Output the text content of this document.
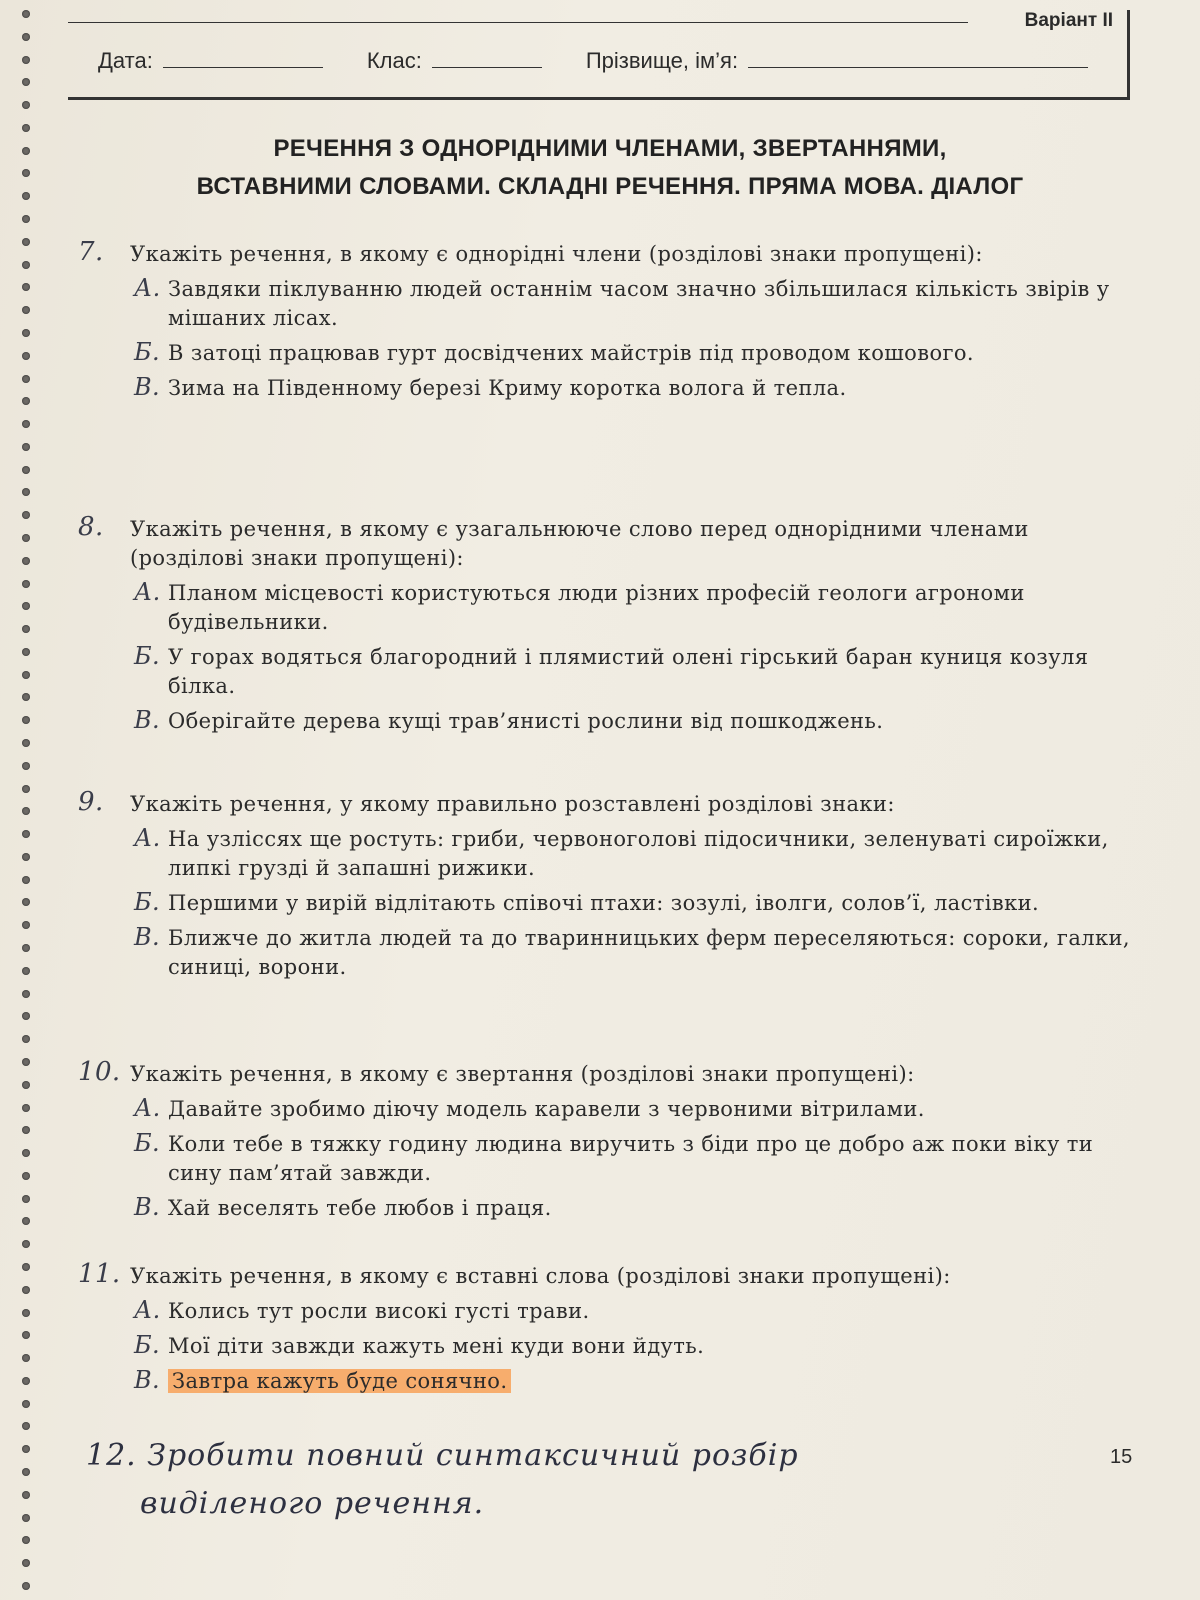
Варіант II
Дата:	Клас:	Прізвище, ім’я:
РЕЧЕННЯ З ОДНОРІДНИМИ ЧЛЕНАМИ, ЗВЕРТАННЯМИ,
ВСТАВНИМИ СЛОВАМИ. СКЛАДНІ РЕЧЕННЯ. ПРЯМА МОВА. ДІАЛОГ
7. Укажіть речення, в якому є однорідні члени (розділові знаки пропущені):
А. Завдяки піклуванню людей останнім часом значно збільшилася кількість звірів у мішаних лісах.
Б. В затоці працював гурт досвідчених майстрів під проводом кошового.
В. Зима на Південному березі Криму коротка волога й тепла.
8. Укажіть речення, в якому є узагальнююче слово перед однорідними членами (розділові знаки пропущені):
А. Планом місцевості користуються люди різних професій геологи агрономи будівельники.
Б. У горах водяться благородний і плямистий олені гірський баран куниця козуля білка.
В. Оберігайте дерева кущі трав’янисті рослини від пошкоджень.
9. Укажіть речення, у якому правильно розставлені розділові знаки:
А. На узліссях ще ростуть: гриби, червоноголові підосичники, зеленуваті сироїжки, липкі грузді й запашні рижики.
Б. Першими у вирій відлітають співочі птахи: зозулі, іволги, солов’ї, ластівки.
В. Ближче до житла людей та до тваринницьких ферм переселяються: сороки, галки, синиці, ворони.
10. Укажіть речення, в якому є звертання (розділові знаки пропущені):
А. Давайте зробимо діючу модель каравели з червоними вітрилами.
Б. Коли тебе в тяжку годину людина виручить з біди про це добро аж поки віку ти сину пам’ятай завжди.
В. Хай веселять тебе любов і праця.
11. Укажіть речення, в якому є вставні слова (розділові знаки пропущені):
А. Колись тут росли високі густі трави.
Б. Мої діти завжди кажуть мені куди вони йдуть.
В. Завтра кажуть буде сонячно.
12. Зробити повний синтаксичний розбір
виділеного речення.
15
